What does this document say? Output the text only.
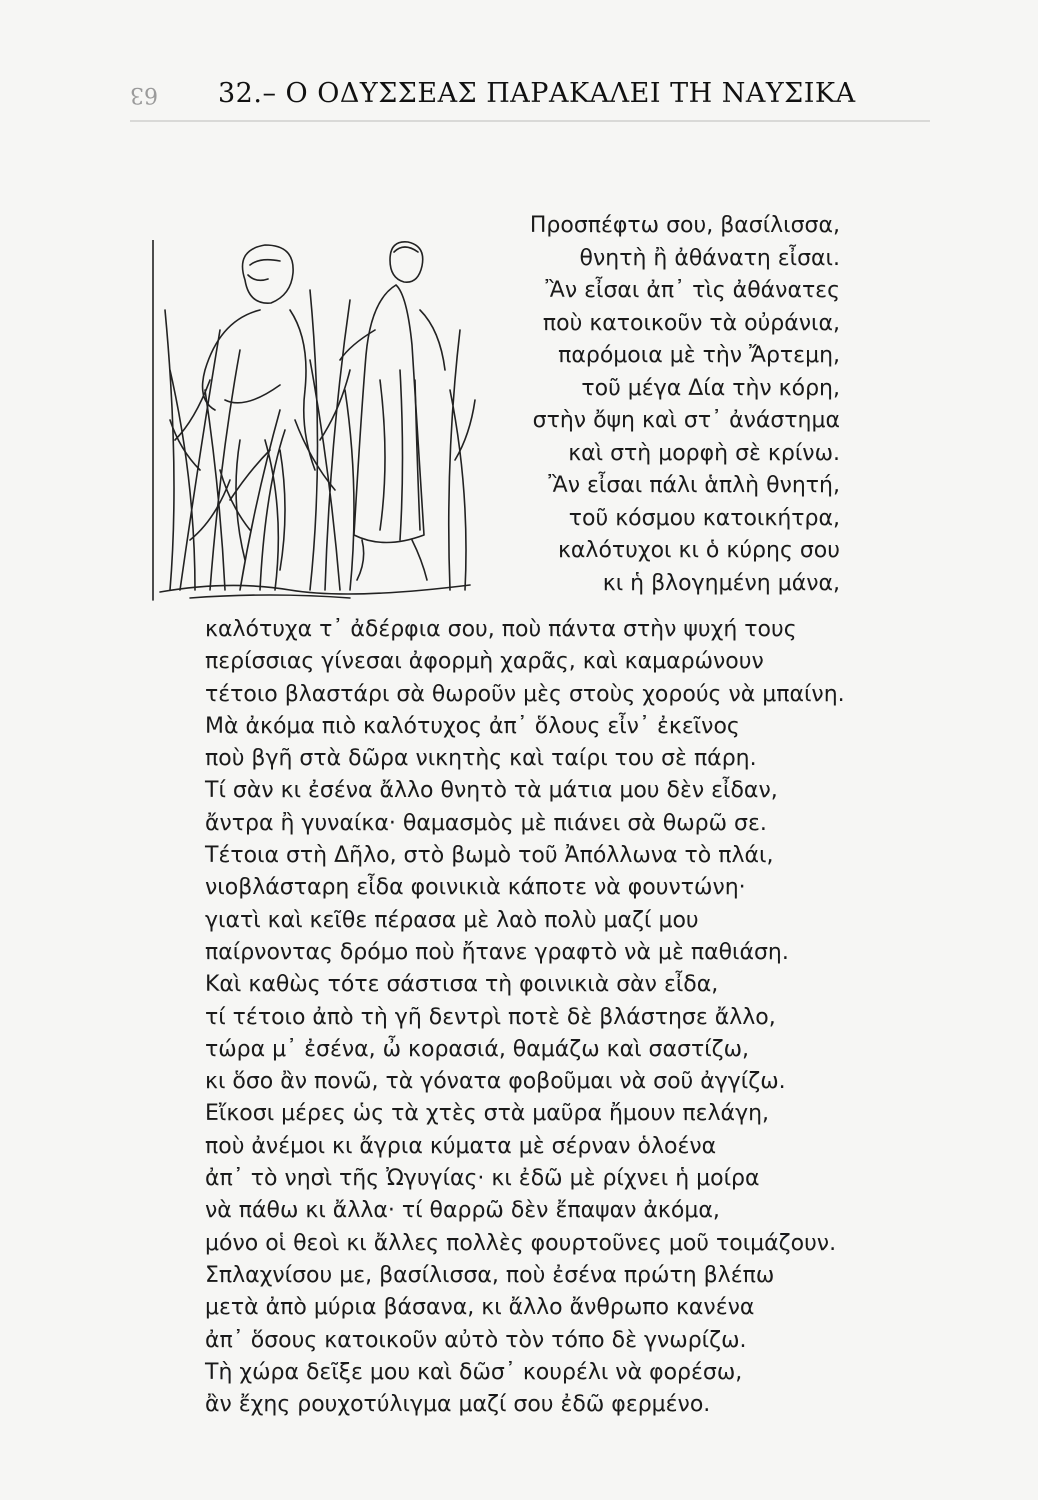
63 32.– Ο ΟΔΥΣΣΕΑΣ ΠΑΡΑΚΑΛΕΙ ΤΗ ΝΑΥΣΙΚΑ
Προσπέφτω σου, βασίλισσα,
θνητὴ ἢ ἀθάνατη εἶσαι.
Ἂν εἶσαι ἀπ᾿ τὶς ἀθάνατες
ποὺ κατοικοῦν τὰ οὐράνια,
παρόμοια μὲ τὴν Ἄρτεμη,
τοῦ μέγα Δία τὴν κόρη,
στὴν ὄψη καὶ στ᾿ ἀνάστημα
καὶ στὴ μορφὴ σὲ κρίνω.
Ἂν εἶσαι πάλι ἁπλὴ θνητή,
τοῦ κόσμου κατοικήτρα,
καλότυχοι κι ὁ κύρης σου
κι ἡ βλογημένη μάνα,
καλότυχα τ᾿ ἀδέρφια σου, ποὺ πάντα στὴν ψυχή τους
περίσσιας γίνεσαι ἀφορμὴ χαρᾶς, καὶ καμαρώνουν
τέτοιο βλαστάρι σὰ θωροῦν μὲς στοὺς χορούς νὰ μπαίνη.
Μὰ ἀκόμα πιὸ καλότυχος ἀπ᾿ ὅλους εἶν᾿ ἐκεῖνος
ποὺ βγῆ στὰ δῶρα νικητὴς καὶ ταίρι του σὲ πάρη.
Τί σὰν κι ἐσένα ἄλλο θνητὸ τὰ μάτια μου δὲν εἶδαν,
ἄντρα ἢ γυναίκα· θαμασμὸς μὲ πιάνει σὰ θωρῶ σε.
Τέτοια στὴ Δῆλο, στὸ βωμὸ τοῦ Ἀπόλλωνα τὸ πλάι,
νιοβλάσταρη εἶδα φοινικιὰ κάποτε νὰ φουντώνη·
γιατὶ καὶ κεῖθε πέρασα μὲ λαὸ πολὺ μαζί μου
παίρνοντας δρόμο ποὺ ἤτανε γραφτὸ νὰ μὲ παθιάση.
Καὶ καθὼς τότε σάστισα τὴ φοινικιὰ σὰν εἶδα,
τί τέτοιο ἀπὸ τὴ γῆ δεντρὶ ποτὲ δὲ βλάστησε ἄλλο,
τώρα μ᾿ ἐσένα, ὦ κορασιά, θαμάζω καὶ σαστίζω,
κι ὅσο ἂν πονῶ, τὰ γόνατα φοβοῦμαι νὰ σοῦ ἀγγίζω.
Εἴκοσι μέρες ὡς τὰ χτὲς στὰ μαῦρα ἤμουν πελάγη,
ποὺ ἀνέμοι κι ἄγρια κύματα μὲ σέρναν ὁλοένα
ἀπ᾿ τὸ νησὶ τῆς Ὠγυγίας· κι ἐδῶ μὲ ρίχνει ἡ μοίρα
νὰ πάθω κι ἄλλα· τί θαρρῶ δὲν ἔπαψαν ἀκόμα,
μόνο οἱ θεοὶ κι ἄλλες πολλὲς φουρτοῦνες μοῦ τοιμάζουν.
Σπλαχνίσου με, βασίλισσα, ποὺ ἐσένα πρώτη βλέπω
μετὰ ἀπὸ μύρια βάσανα, κι ἄλλο ἄνθρωπο κανένα
ἀπ᾿ ὅσους κατοικοῦν αὐτὸ τὸν τόπο δὲ γνωρίζω.
Τὴ χώρα δεῖξε μου καὶ δῶσ᾿ κουρέλι νὰ φορέσω,
ἂν ἔχης ρουχοτύλιγμα μαζί σου ἐδῶ φερμένο.
